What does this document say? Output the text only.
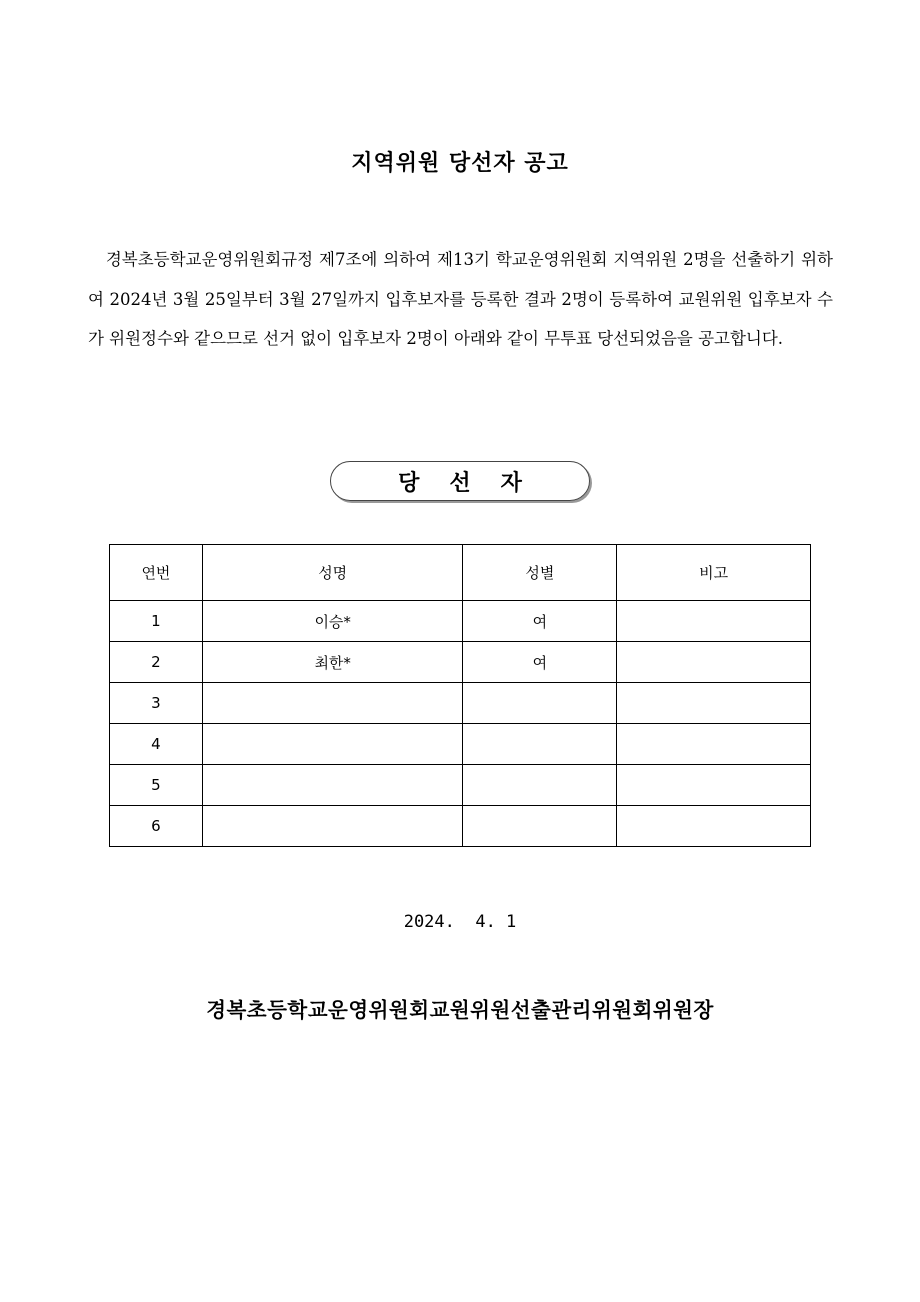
지역위원 당선자 공고

경복초등학교운영위원회규정 제7조에 의하여 제13기 학교운영위원회 지역위원 2명을 선출하기 위하여 2024년 3월 25일부터 3월 27일까지 입후보자를 등록한 결과 2명이 등록하여 교원위원 입후보자 수가 위원정수와 같으므로 선거 없이 입후보자 2명이 아래와 같이 무투표 당선되었음을 공고합니다.

당선자
연번	성명	성별	비고
1	이승*	여	
2	최한*	여	
3			
4			
5			
6			
2024.  4. 1
경복초등학교운영위원회교원위원선출관리위원회위원장
